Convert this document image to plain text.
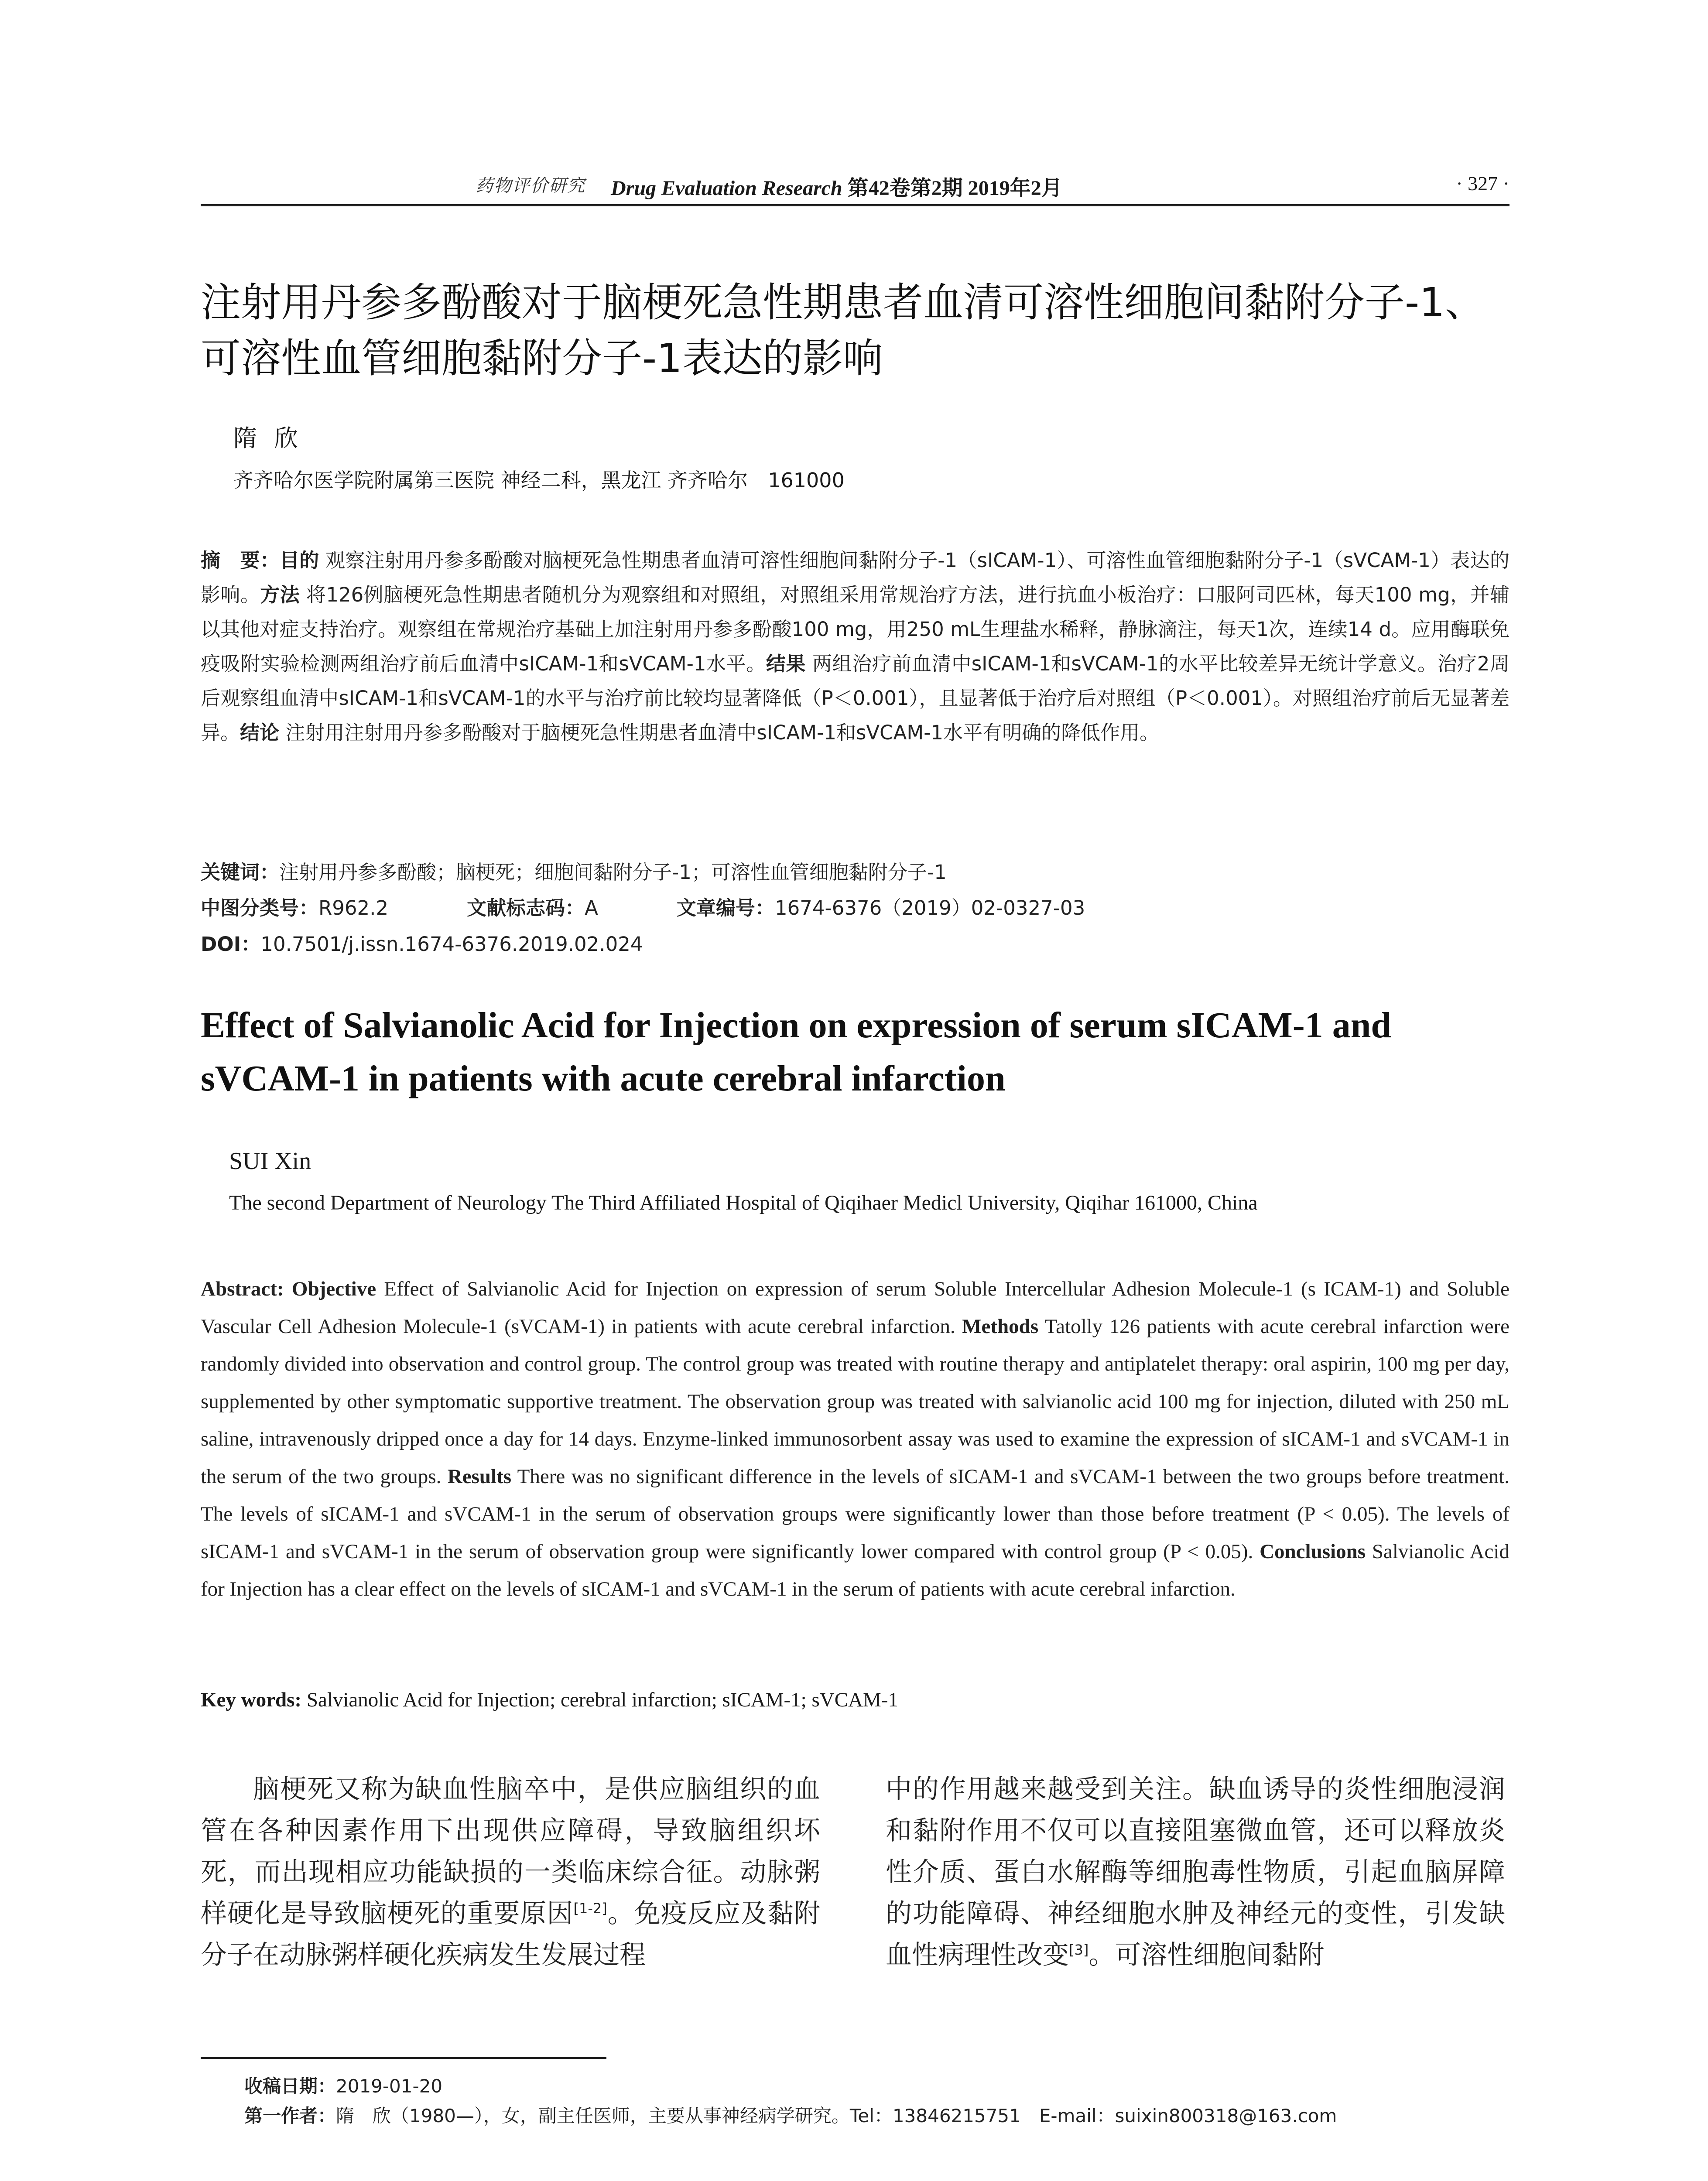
药物评价研究 Drug Evaluation Research 第42卷第2期 2019年2月	· 327 ·
注射用丹参多酚酸对于脑梗死急性期患者血清可溶性细胞间黏附分子-1、
可溶性血管细胞黏附分子-1表达的影响
隋欣
齐齐哈尔医学院附属第三医院 神经二科，黑龙江 齐齐哈尔　161000
摘　要：目的 观察注射用丹参多酚酸对脑梗死急性期患者血清可溶性细胞间黏附分子-1（sICAM-1）、可溶性血管细胞黏附分子-1（sVCAM-1）表达的影响。方法 将126例脑梗死急性期患者随机分为观察组和对照组，对照组采用常规治疗方法，进行抗血小板治疗：口服阿司匹林，每天100 mg，并辅以其他对症支持治疗。观察组在常规治疗基础上加注射用丹参多酚酸100 mg，用250 mL生理盐水稀释，静脉滴注，每天1次，连续14 d。应用酶联免疫吸附实验检测两组治疗前后血清中sICAM-1和sVCAM-1水平。结果 两组治疗前血清中sICAM-1和sVCAM-1的水平比较差异无统计学意义。治疗2周后观察组血清中sICAM-1和sVCAM-1的水平与治疗前比较均显著降低（P＜0.001），且显著低于治疗后对照组（P＜0.001）。对照组治疗前后无显著差异。结论 注射用注射用丹参多酚酸对于脑梗死急性期患者血清中sICAM-1和sVCAM-1水平有明确的降低作用。
关键词：注射用丹参多酚酸；脑梗死；细胞间黏附分子-1；可溶性血管细胞黏附分子-1
中图分类号：R962.2	文献标志码：A	文章编号：1674-6376（2019）02-0327-03
DOI：10.7501/j.issn.1674-6376.2019.02.024
Effect of Salvianolic Acid for Injection on expression of serum sICAM-1 and
sVCAM-1 in patients with acute cerebral infarction
SUI Xin
The second Department of Neurology The Third Affiliated Hospital of Qiqihaer Medicl University, Qiqihar 161000, China
Abstract: Objective Effect of Salvianolic Acid for Injection on expression of serum Soluble Intercellular Adhesion Molecule-1 (s ICAM-1) and Soluble Vascular Cell Adhesion Molecule-1 (sVCAM-1) in patients with acute cerebral infarction. Methods Tatolly 126 patients with acute cerebral infarction were randomly divided into observation and control group. The control group was treated with routine therapy and antiplatelet therapy: oral aspirin, 100 mg per day, supplemented by other symptomatic supportive treatment. The observation group was treated with salvianolic acid 100 mg for injection, diluted with 250 mL saline, intravenously dripped once a day for 14 days. Enzyme-linked immunosorbent assay was used to examine the expression of sICAM-1 and sVCAM-1 in the serum of the two groups. Results There was no significant difference in the levels of sICAM-1 and sVCAM-1 between the two groups before treatment. The levels of sICAM-1 and sVCAM-1 in the serum of observation groups were significantly lower than those before treatment (P < 0.05). The levels of sICAM-1 and sVCAM-1 in the serum of observation group were significantly lower compared with control group (P < 0.05). Conclusions Salvianolic Acid for Injection has a clear effect on the levels of sICAM-1 and sVCAM-1 in the serum of patients with acute cerebral infarction.
Key words: Salvianolic Acid for Injection; cerebral infarction; sICAM-1; sVCAM-1
脑梗死又称为缺血性脑卒中，是供应脑组织的血管在各种因素作用下出现供应障碍，导致脑组织坏死，而出现相应功能缺损的一类临床综合征。动脉粥样硬化是导致脑梗死的重要原因[1-2]。免疫反应及黏附分子在动脉粥样硬化疾病发生发展过程
中的作用越来越受到关注。缺血诱导的炎性细胞浸润和黏附作用不仅可以直接阻塞微血管，还可以释放炎性介质、蛋白水解酶等细胞毒性物质，引起血脑屏障的功能障碍、神经细胞水肿及神经元的变性，引发缺血性病理性改变[3]。可溶性细胞间黏附
收稿日期：2019-01-20
第一作者：隋　欣（1980—），女，副主任医师，主要从事神经病学研究。Tel：13846215751　E-mail：suixin800318@163.com
